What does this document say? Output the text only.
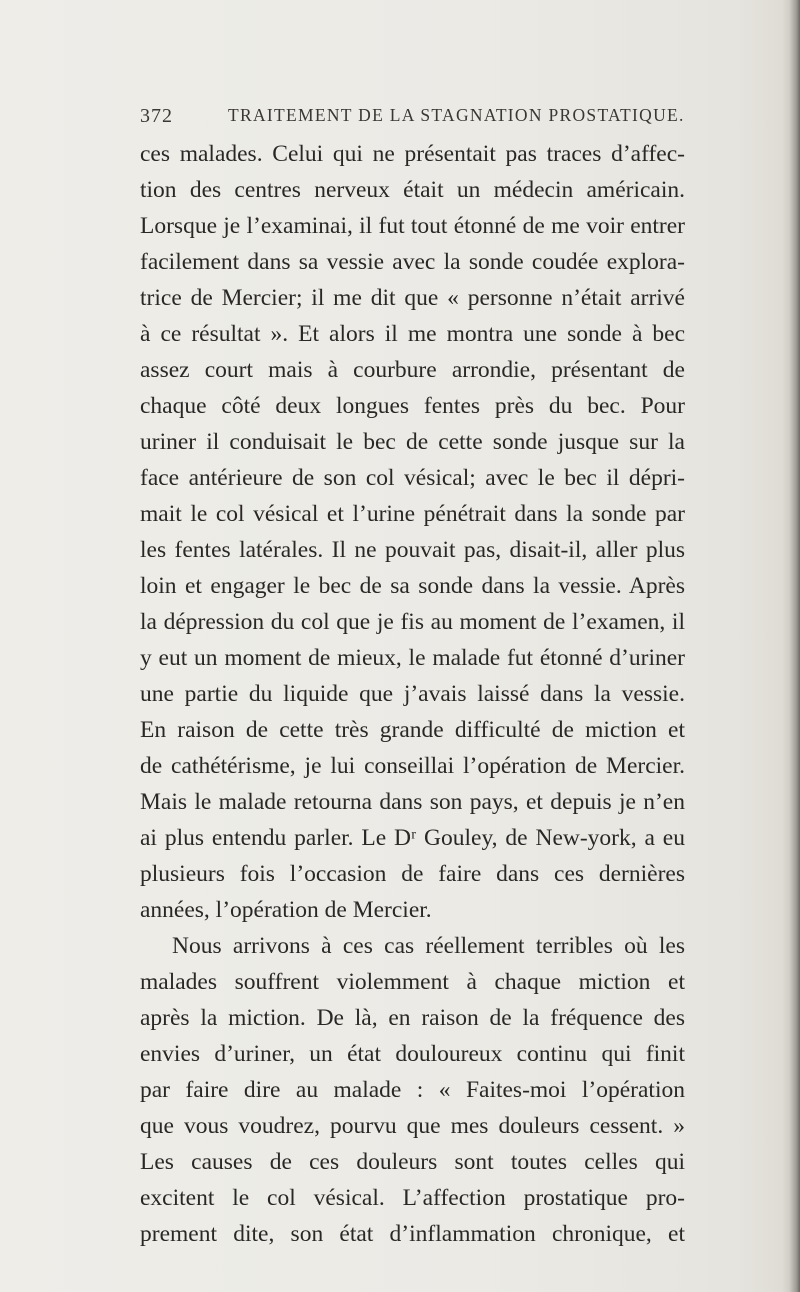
372	TRAITEMENT DE LA STAGNATION PROSTATIQUE.
ces malades. Celui qui ne présentait pas traces d’affec-
tion des centres nerveux était un médecin américain.
Lorsque je l’examinai, il fut tout étonné de me voir entrer
facilement dans sa vessie avec la sonde coudée explora-
trice de Mercier; il me dit que « personne n’était arrivé
à ce résultat ». Et alors il me montra une sonde à bec
assez court mais à courbure arrondie, présentant de
chaque côté deux longues fentes près du bec. Pour
uriner il conduisait le bec de cette sonde jusque sur la
face antérieure de son col vésical; avec le bec il dépri-
mait le col vésical et l’urine pénétrait dans la sonde par
les fentes latérales. Il ne pouvait pas, disait-il, aller plus
loin et engager le bec de sa sonde dans la vessie. Après
la dépression du col que je fis au moment de l’examen, il
y eut un moment de mieux, le malade fut étonné d’uriner
une partie du liquide que j’avais laissé dans la vessie.
En raison de cette très grande difficulté de miction et
de cathétérisme, je lui conseillai l’opération de Mercier.
Mais le malade retourna dans son pays, et depuis je n’en
ai plus entendu parler. Le Dʳ Gouley, de New-york, a eu
plusieurs fois l’occasion de faire dans ces dernières
années, l’opération de Mercier.
Nous arrivons à ces cas réellement terribles où les
malades souffrent violemment à chaque miction et
après la miction. De là, en raison de la fréquence des
envies d’uriner, un état douloureux continu qui finit
par faire dire au malade : « Faites-moi l’opération
que vous voudrez, pourvu que mes douleurs cessent. »
Les causes de ces douleurs sont toutes celles qui
excitent le col vésical. L’affection prostatique pro-
prement dite, son état d’inflammation chronique, et
